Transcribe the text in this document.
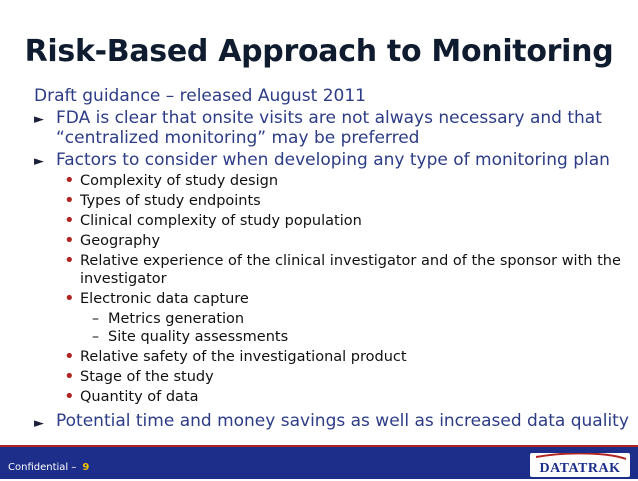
Risk-Based Approach to Monitoring
Draft guidance – released August 2011
► FDA is clear that onsite visits are not always necessary and that
“centralized monitoring” may be preferred
► Factors to consider when developing any type of monitoring plan
• Complexity of study design
• Types of study endpoints
• Clinical complexity of study population
• Geography
• Relative experience of the clinical investigator and of the sponsor with the
investigator
• Electronic data capture
– Metrics generation
– Site quality assessments
• Relative safety of the investigational product
• Stage of the study
• Quantity of data
► Potential time and money savings as well as increased data quality
Confidential – 9	DATATRAK
